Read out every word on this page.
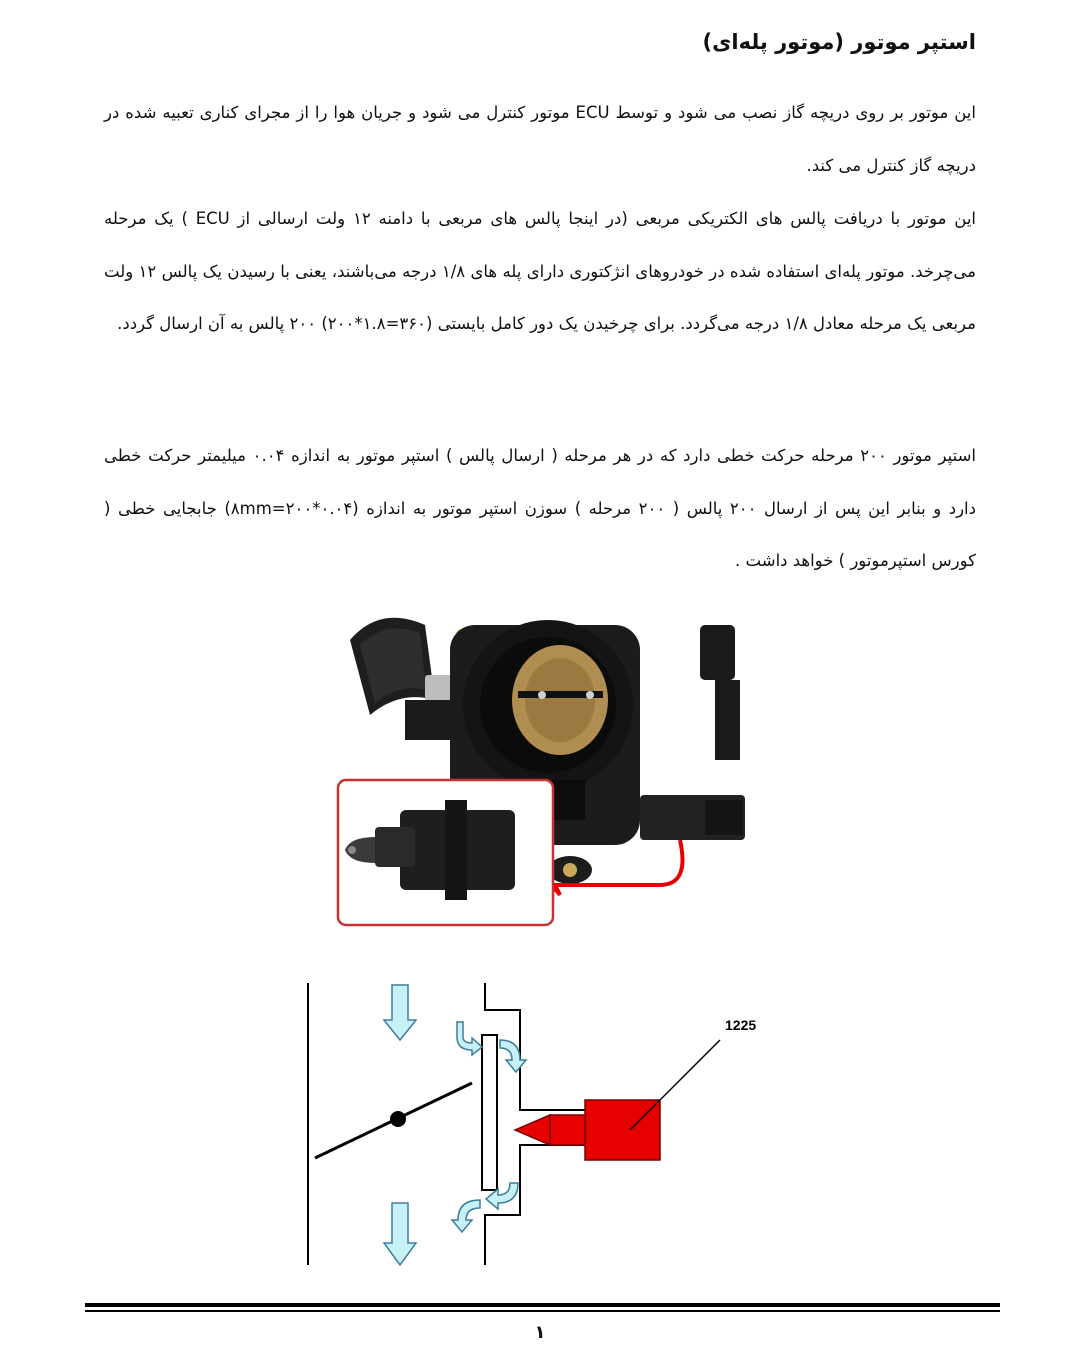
استپر موتور (موتور پله‌ای)
این موتور بر روی دریچه گاز نصب می شود و توسط ECU موتور کنترل می شود و جریان هوا را از مجرای کناری تعبیه شده در دریچه گاز کنترل می کند.
این موتور با دریافت پالس های الکتریکی مربعی (در اینجا پالس های مربعی با دامنه ۱۲ ولت ارسالی از ECU ) یک مرحله می‌چرخد. موتور پله‌ای استفاده شده در خودروهای انژکتوری دارای پله های ۱/۸ درجه می‌باشند، یعنی با رسیدن یک پالس ۱۲ ولت مربعی یک مرحله معادل ۱/۸ درجه می‌گردد. برای چرخیدن یک دور کامل بایستی (۳۶۰=۱.۸*۲۰۰) ۲۰۰ پالس به آن ارسال گردد.
استپر موتور ۲۰۰ مرحله حرکت خطی دارد که در هر مرحله ( ارسال پالس ) استپر موتور به اندازه ۰.۰۴ میلیمتر حرکت خطی دارد و بنابر این پس از ارسال ۲۰۰ پالس ( ۲۰۰ مرحله ) سوزن استپر موتور به اندازه (۸mm=۲۰۰*۰.۰۴) جابجایی خطی ( کورس استپرموتور ) خواهد داشت .
1225
۱
